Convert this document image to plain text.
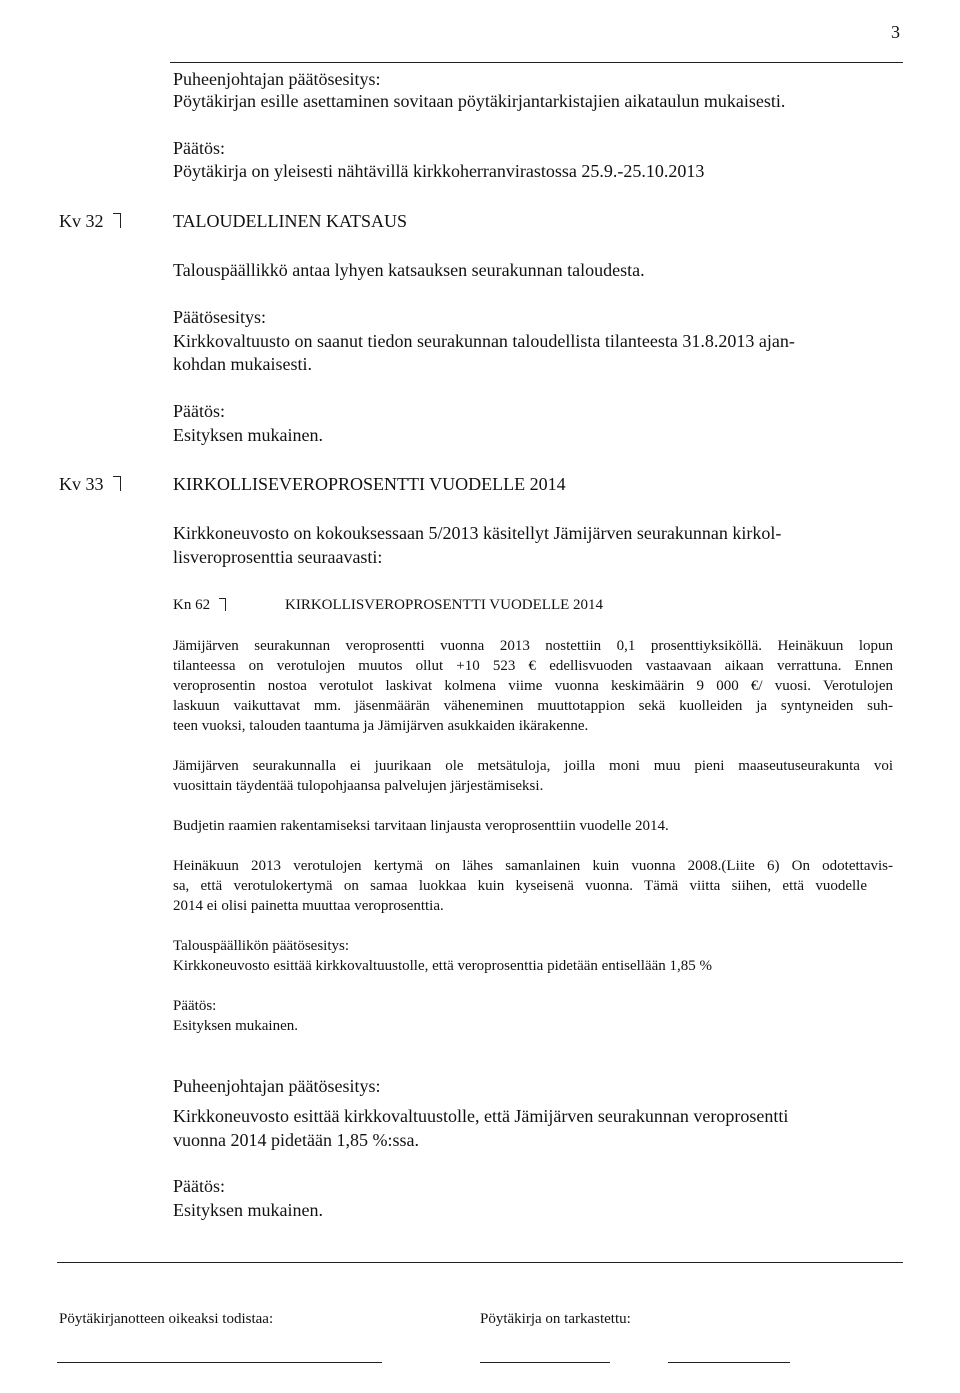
3
Puheenjohtajan päätösesitys:
Pöytäkirjan esille asettaminen sovitaan pöytäkirjantarkistajien aikataulun mukaisesti.
Päätös:
Pöytäkirja on yleisesti nähtävillä kirkkoherranvirastossa 25.9.-25.10.2013
Kv 32	TALOUDELLINEN KATSAUS
Talouspäällikkö antaa lyhyen katsauksen seurakunnan taloudesta.
Päätösesitys:
Kirkkovaltuusto on saanut tiedon seurakunnan taloudellista tilanteesta 31.8.2013 ajan-
kohdan mukaisesti.
Päätös:
Esityksen mukainen.
Kv 33	KIRKOLLISEVEROPROSENTTI VUODELLE 2014
Kirkkoneuvosto on kokouksessaan 5/2013 käsitellyt Jämijärven seurakunnan kirkol-
lisveroprosenttia seuraavasti:
Kn 62	KIRKOLLISVEROPROSENTTI VUODELLE 2014
Jämijärven seurakunnan veroprosentti vuonna 2013 nostettiin 0,1 prosenttiyksiköllä. Heinäkuun lopun
tilanteessa on verotulojen muutos ollut +10 523 € edellisvuoden vastaavaan aikaan verrattuna. Ennen
veroprosentin nostoa verotulot laskivat kolmena viime vuonna keskimäärin 9 000 €/ vuosi. Verotulojen
laskuun vaikuttavat mm. jäsenmäärän väheneminen muuttotappion sekä kuolleiden ja syntyneiden suh-
teen vuoksi, talouden taantuma ja Jämijärven asukkaiden ikärakenne.
Jämijärven seurakunnalla ei juurikaan ole metsätuloja, joilla moni muu pieni maaseutuseurakunta voi
vuosittain täydentää tulopohjaansa palvelujen järjestämiseksi.
Budjetin raamien rakentamiseksi tarvitaan linjausta veroprosenttiin vuodelle 2014.
Heinäkuun 2013 verotulojen kertymä on lähes samanlainen kuin vuonna 2008.(Liite 6) On odotettavis-
sa, että verotulokertymä on samaa luokkaa kuin kyseisenä vuonna. Tämä viitta siihen, että vuodelle
2014 ei olisi painetta muuttaa veroprosenttia.
Talouspäällikön päätösesitys:
Kirkkoneuvosto esittää kirkkovaltuustolle, että veroprosenttia pidetään entisellään 1,85 %
Päätös:
Esityksen mukainen.
Puheenjohtajan päätösesitys:
Kirkkoneuvosto esittää kirkkovaltuustolle, että Jämijärven seurakunnan veroprosentti
vuonna 2014 pidetään 1,85 %:ssa.
Päätös:
Esityksen mukainen.
Pöytäkirjanotteen oikeaksi todistaa:	Pöytäkirja on tarkastettu:
